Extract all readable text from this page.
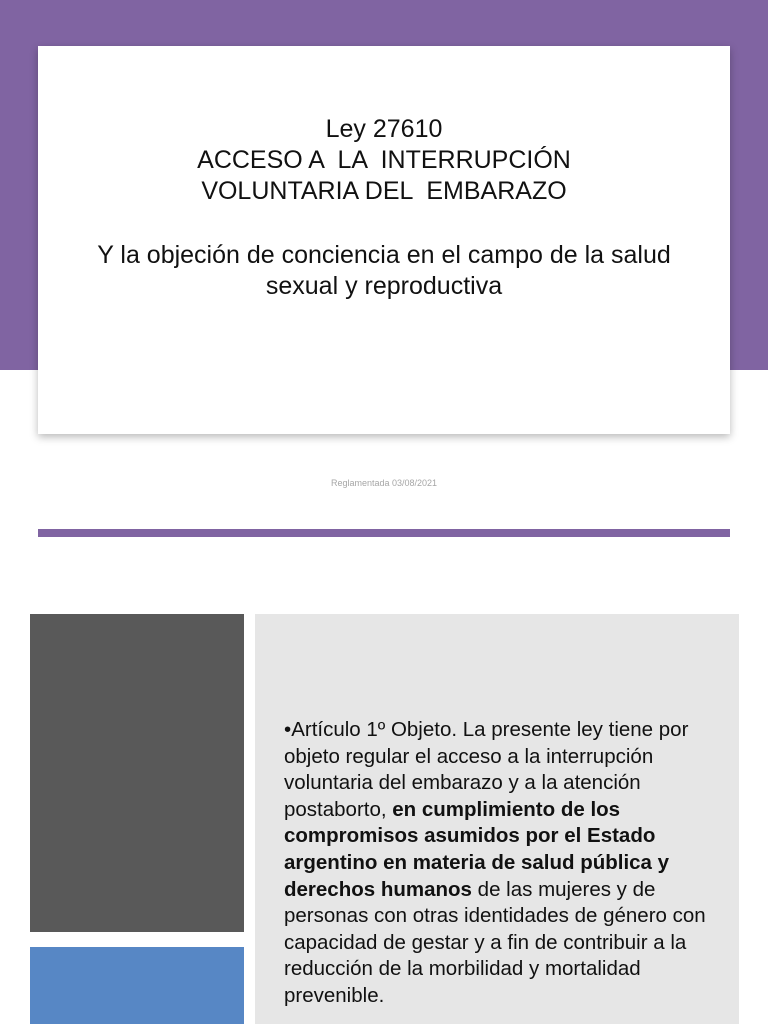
Ley 27610
ACCESO A  LA  INTERRUPCIÓN
VOLUNTARIA DEL  EMBARAZO
Y la objeción de conciencia en el campo de la salud sexual y reproductiva
Reglamentada 03/08/2021
•Artículo 1º Objeto. La presente ley tiene por objeto regular el acceso a la interrupción voluntaria del embarazo y a la atención postaborto, en cumplimiento de los compromisos asumidos por el Estado argentino en materia de salud pública y derechos humanos de las mujeres y de personas con otras identidades de género con capacidad de gestar y a fin de contribuir a la reducción de la morbilidad y mortalidad prevenible.
